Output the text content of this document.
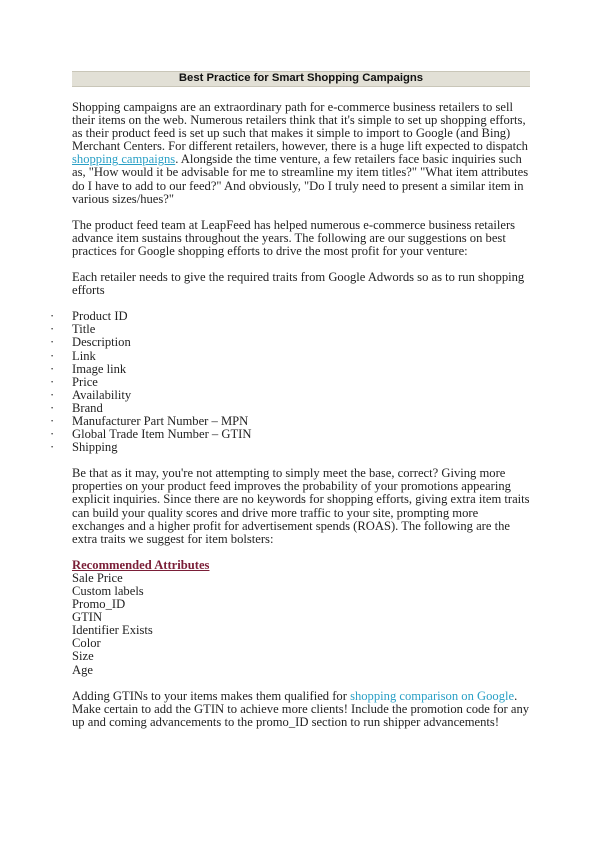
Best Practice for Smart Shopping Campaigns

Shopping campaigns are an extraordinary path for e-commerce business retailers to sell their items on the web. Numerous retailers think that it's simple to set up shopping efforts, as their product feed is set up such that makes it simple to import to Google (and Bing) Merchant Centers. For different retailers, however, there is a huge lift expected to dispatch shopping campaigns. Alongside the time venture, a few retailers face basic inquiries such as, "How would it be advisable for me to streamline my item titles?" "What item attributes do I have to add to our feed?" And obviously, "Do I truly need to present a similar item in various sizes/hues?"

The product feed team at LeapFeed has helped numerous e-commerce business retailers advance item sustains throughout the years. The following are our suggestions on best practices for Google shopping efforts to drive the most profit for your venture:

Each retailer needs to give the required traits from Google Adwords so as to run shopping efforts

· Product ID
· Title
· Description
· Link
· Image link
· Price
· Availability
· Brand
· Manufacturer Part Number – MPN
· Global Trade Item Number – GTIN
· Shipping

Be that as it may, you're not attempting to simply meet the base, correct? Giving more properties on your product feed improves the probability of your promotions appearing explicit inquiries. Since there are no keywords for shopping efforts, giving extra item traits can build your quality scores and drive more traffic to your site, prompting more exchanges and a higher profit for advertisement spends (ROAS). The following are the extra traits we suggest for item bolsters:

Recommended Attributes
Sale Price
Custom labels
Promo_ID
GTIN
Identifier Exists
Color
Size
Age

Adding GTINs to your items makes them qualified for shopping comparison on Google. Make certain to add the GTIN to achieve more clients! Include the promotion code for any up and coming advancements to the promo_ID section to run shipper advancements!
